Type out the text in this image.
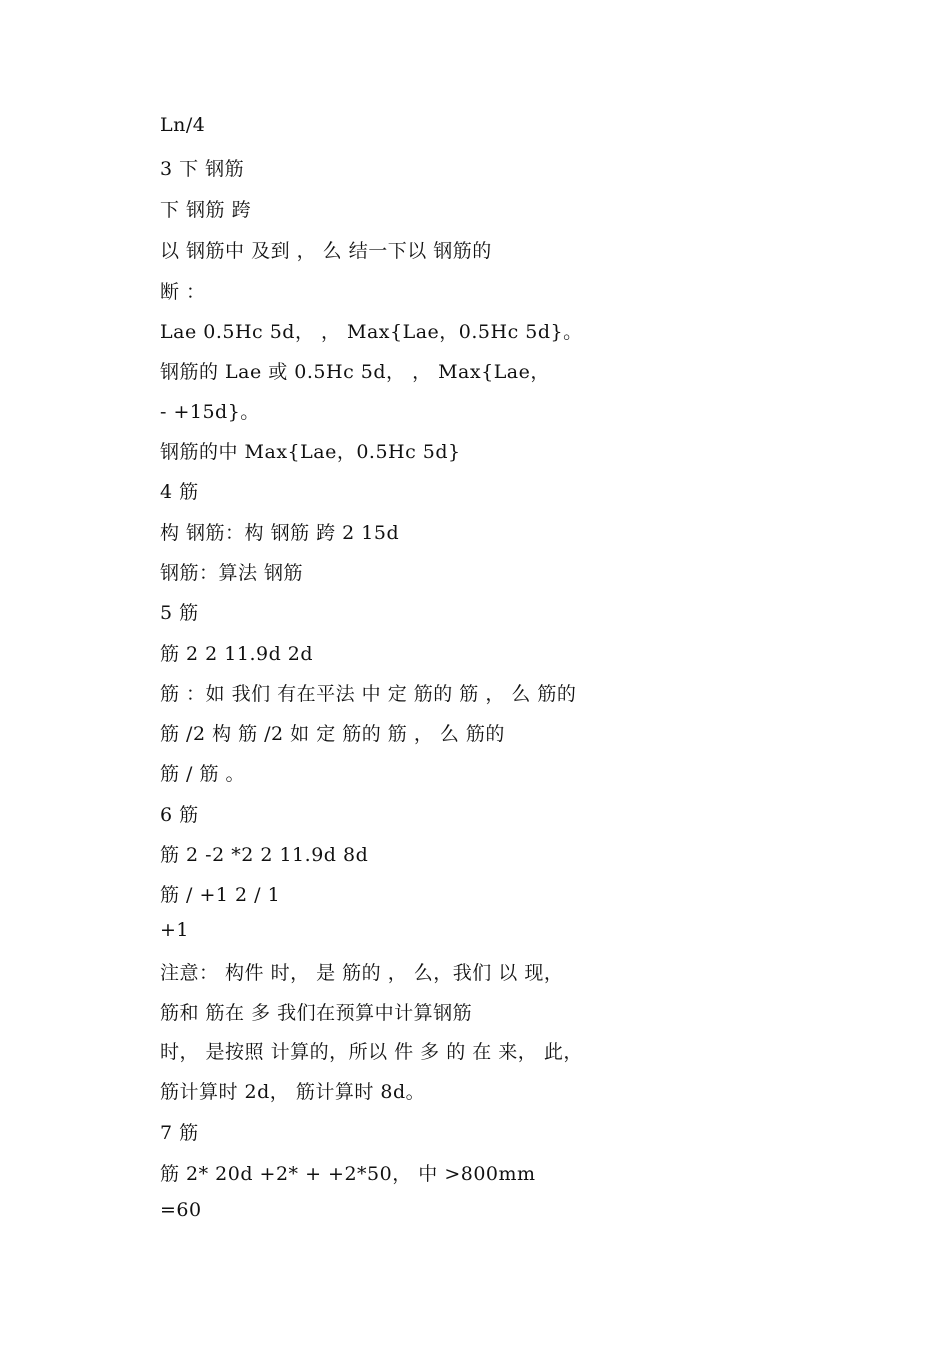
Ln/4
3 下 钢筋
下 钢筋 跨
以 钢筋中 及到 ， 么 结一下以 钢筋的
断 ：
Lae 0.5Hc 5d， ， Max{Lae，0.5Hc 5d}。
钢筋的 Lae 或 0.5Hc 5d， ， Max{Lae，
- +15d}。
钢筋的中 Max{Lae，0.5Hc 5d}
4 筋
构 钢筋：构 钢筋 跨 2 15d
钢筋：算法 钢筋
5 筋
筋 2 2 11.9d 2d
筋 ：如 我们 有在平法 中 定 筋的 筋 ， 么 筋的
筋 /2 构 筋 /2 如 定 筋的 筋 ， 么 筋的
筋 / 筋 。
6 筋
筋 2 -2 *2 2 11.9d 8d
筋 / +1 2 / 1
+1
注意： 构件 时， 是 筋的 ， 么，我们 以 现，
筋和 筋在 多 我们在预算中计算钢筋
时， 是按照 计算的，所以 件 多 的 在 来， 此，
筋计算时 2d， 筋计算时 8d。
7 筋
筋 2* 20d +2* + +2*50， 中 >800mm
=60
